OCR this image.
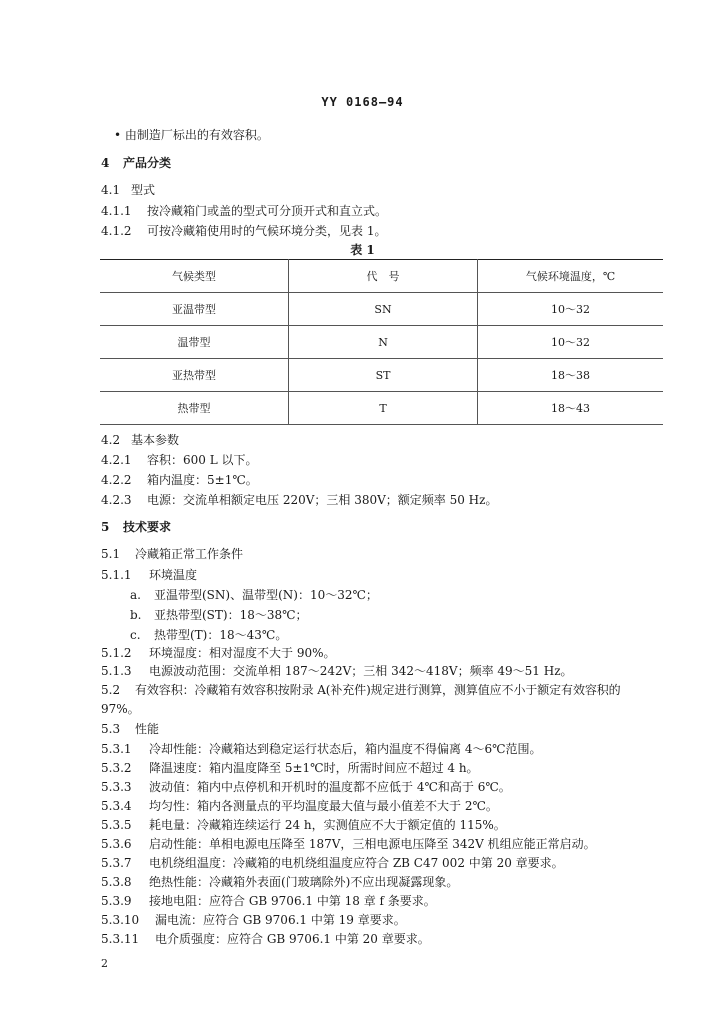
YY 0168—94
• 由制造厂标出的有效容积。
4 产品分类
4.1 型式
4.1.1 按冷藏箱门或盖的型式可分顶开式和直立式。
4.1.2 可按冷藏箱使用时的气候环境分类，见表 1。
表 1
气候类型	代　号	气候环境温度，℃
亚温带型	SN	10～32
温带型	N	10～32
亚热带型	ST	18～38
热带型	T	18～43
4.2 基本参数
4.2.1 容积：600 L 以下。
4.2.2 箱内温度：5±1℃。
4.2.3 电源：交流单相额定电压 220V；三相 380V；额定频率 50 Hz。
5 技术要求
5.1 冷藏箱正常工作条件
5.1.1 环境温度
a. 亚温带型(SN)、温带型(N)：10～32℃；
b. 亚热带型(ST)：18～38℃；
c. 热带型(T)：18～43℃。
5.1.2 环境湿度：相对湿度不大于 90%。
5.1.3 电源波动范围：交流单相 187～242V；三相 342～418V；频率 49～51 Hz。
5.2 有效容积：冷藏箱有效容积按附录 A(补充件)规定进行测算，测算值应不小于额定有效容积的
97%。
5.3 性能
5.3.1 冷却性能：冷藏箱达到稳定运行状态后，箱内温度不得偏离 4～6℃范围。
5.3.2 降温速度：箱内温度降至 5±1℃时，所需时间应不超过 4 h。
5.3.3 波动值：箱内中点停机和开机时的温度都不应低于 4℃和高于 6℃。
5.3.4 均匀性：箱内各测量点的平均温度最大值与最小值差不大于 2℃。
5.3.5 耗电量：冷藏箱连续运行 24 h，实测值应不大于额定值的 115%。
5.3.6 启动性能：单相电源电压降至 187V，三相电源电压降至 342V 机组应能正常启动。
5.3.7 电机绕组温度：冷藏箱的电机绕组温度应符合 ZB C47 002 中第 20 章要求。
5.3.8 绝热性能：冷藏箱外表面(门玻璃除外)不应出现凝露现象。
5.3.9 接地电阻：应符合 GB 9706.1 中第 18 章 f 条要求。
5.3.10 漏电流：应符合 GB 9706.1 中第 19 章要求。
5.3.11 电介质强度：应符合 GB 9706.1 中第 20 章要求。
2
